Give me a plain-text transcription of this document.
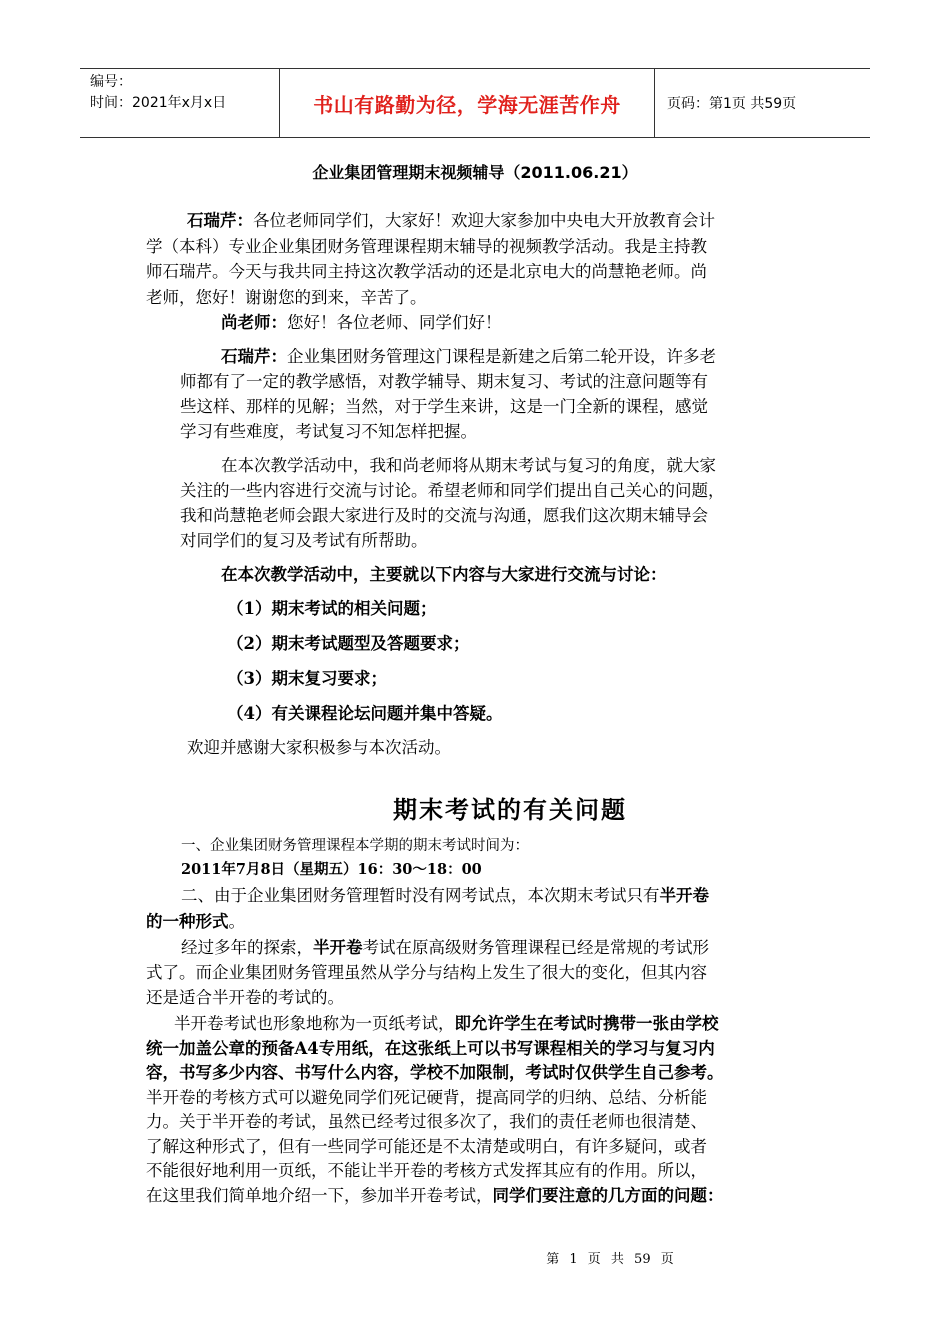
编号：
时间：2021年x月x日	书山有路勤为径，学海无涯苦作舟	页码：第1页 共59页
企业集团管理期末视频辅导（2011.06.21）
石瑞芹：各位老师同学们，大家好！欢迎大家参加中央电大开放教育会计
学（本科）专业企业集团财务管理课程期末辅导的视频教学活动。我是主持教
师石瑞芹。今天与我共同主持这次教学活动的还是北京电大的尚慧艳老师。尚
老师，您好！谢谢您的到来，辛苦了。
尚老师：您好！各位老师、同学们好！
石瑞芹：企业集团财务管理这门课程是新建之后第二轮开设，许多老
师都有了一定的教学感悟，对教学辅导、期末复习、考试的注意问题等有
些这样、那样的见解；当然，对于学生来讲，这是一门全新的课程，感觉
学习有些难度，考试复习不知怎样把握。
在本次教学活动中，我和尚老师将从期末考试与复习的角度，就大家
关注的一些内容进行交流与讨论。希望老师和同学们提出自己关心的问题，
我和尚慧艳老师会跟大家进行及时的交流与沟通，愿我们这次期末辅导会
对同学们的复习及考试有所帮助。
在本次教学活动中，主要就以下内容与大家进行交流与讨论：
（1）期末考试的相关问题；
（2）期末考试题型及答题要求；
（3）期末复习要求；
（4）有关课程论坛问题并集中答疑。
欢迎并感谢大家积极参与本次活动。
期末考试的有关问题
一、企业集团财务管理课程本学期的期末考试时间为：
2011年7月8日（星期五）16：30～18：00
二、由于企业集团财务管理暂时没有网考试点，本次期末考试只有半开卷
的一种形式。
经过多年的探索，半开卷考试在原高级财务管理课程已经是常规的考试形
式了。而企业集团财务管理虽然从学分与结构上发生了很大的变化，但其内容
还是适合半开卷的考试的。
半开卷考试也形象地称为一页纸考试，即允许学生在考试时携带一张由学校
统一加盖公章的预备A4专用纸，在这张纸上可以书写课程相关的学习与复习内
容，书写多少内容、书写什么内容，学校不加限制，考试时仅供学生自己参考。
半开卷的考核方式可以避免同学们死记硬背，提高同学的归纳、总结、分析能
力。关于半开卷的考试，虽然已经考过很多次了，我们的责任老师也很清楚、
了解这种形式了，但有一些同学可能还是不太清楚或明白，有许多疑问，或者
不能很好地利用一页纸，不能让半开卷的考核方式发挥其应有的作用。所以，
在这里我们简单地介绍一下，参加半开卷考试，同学们要注意的几方面的问题：
第 1 页 共 59 页
